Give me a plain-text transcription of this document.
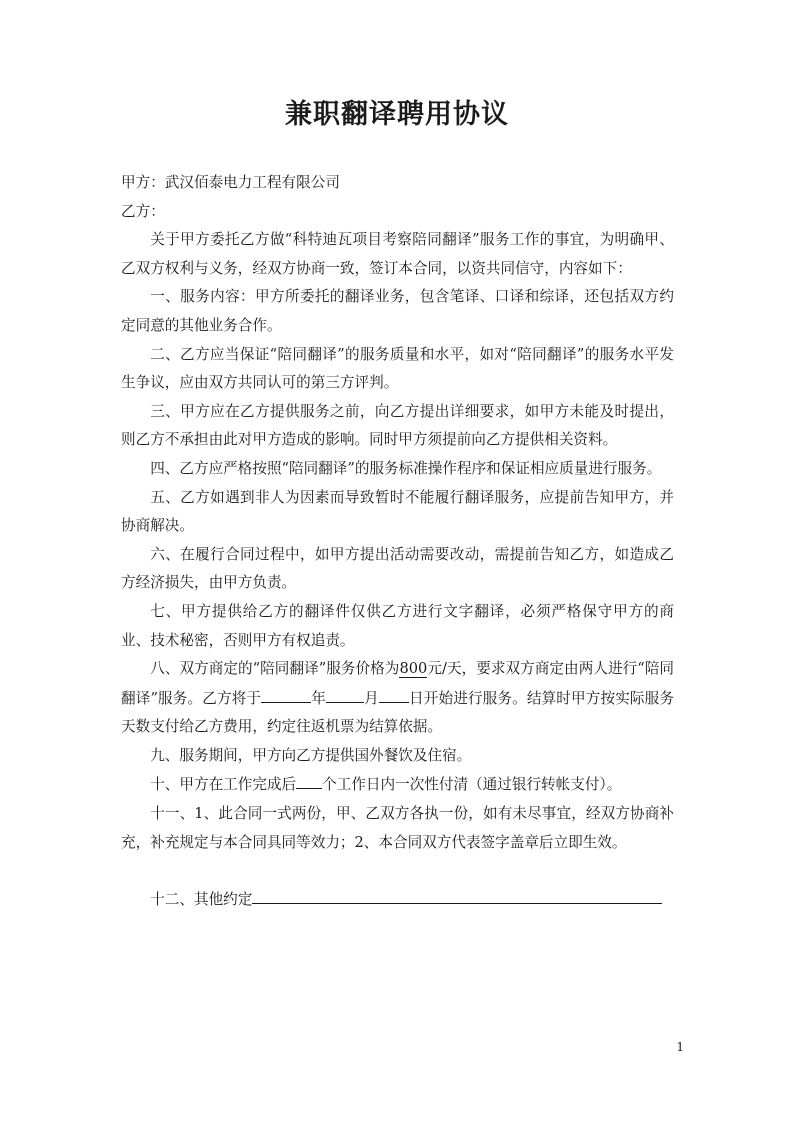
兼职翻译聘用协议

甲方：武汉佰泰电力工程有限公司

乙方：

关于甲方委托乙方做“科特迪瓦项目考察陪同翻译”服务工作的事宜，为明确甲、乙双方权利与义务，经双方协商一致，签订本合同，以资共同信守，内容如下：

一、服务内容：甲方所委托的翻译业务，包含笔译、口译和综译，还包括双方约定同意的其他业务合作。

二、乙方应当保证“陪同翻译”的服务质量和水平，如对“陪同翻译”的服务水平发生争议，应由双方共同认可的第三方评判。

三、甲方应在乙方提供服务之前，向乙方提出详细要求，如甲方未能及时提出，则乙方不承担由此对甲方造成的影响。同时甲方须提前向乙方提供相关资料。

四、乙方应严格按照“陪同翻译”的服务标准操作程序和保证相应质量进行服务。

五、乙方如遇到非人为因素而导致暂时不能履行翻译服务，应提前告知甲方，并协商解决。

六、在履行合同过程中，如甲方提出活动需要改动，需提前告知乙方，如造成乙方经济损失，由甲方负责。

七、甲方提供给乙方的翻译件仅供乙方进行文字翻译，必须严格保守甲方的商业、技术秘密，否则甲方有权追责。

八、双方商定的“陪同翻译”服务价格为800元/天，要求双方商定由两人进行“陪同翻译”服务。乙方将于	年	月 日开始进行服务。结算时甲方按实际服务天数支付给乙方费用，约定往返机票为结算依据。

九、服务期间，甲方向乙方提供国外餐饮及住宿。

十、甲方在工作完成后 个工作日内一次性付清（通过银行转帐支付）。

十一、1、此合同一式两份，甲、乙双方各执一份，如有未尽事宜，经双方协商补充，补充规定与本合同具同等效力；2、本合同双方代表签字盖章后立即生效。

十二、其他约定

1
